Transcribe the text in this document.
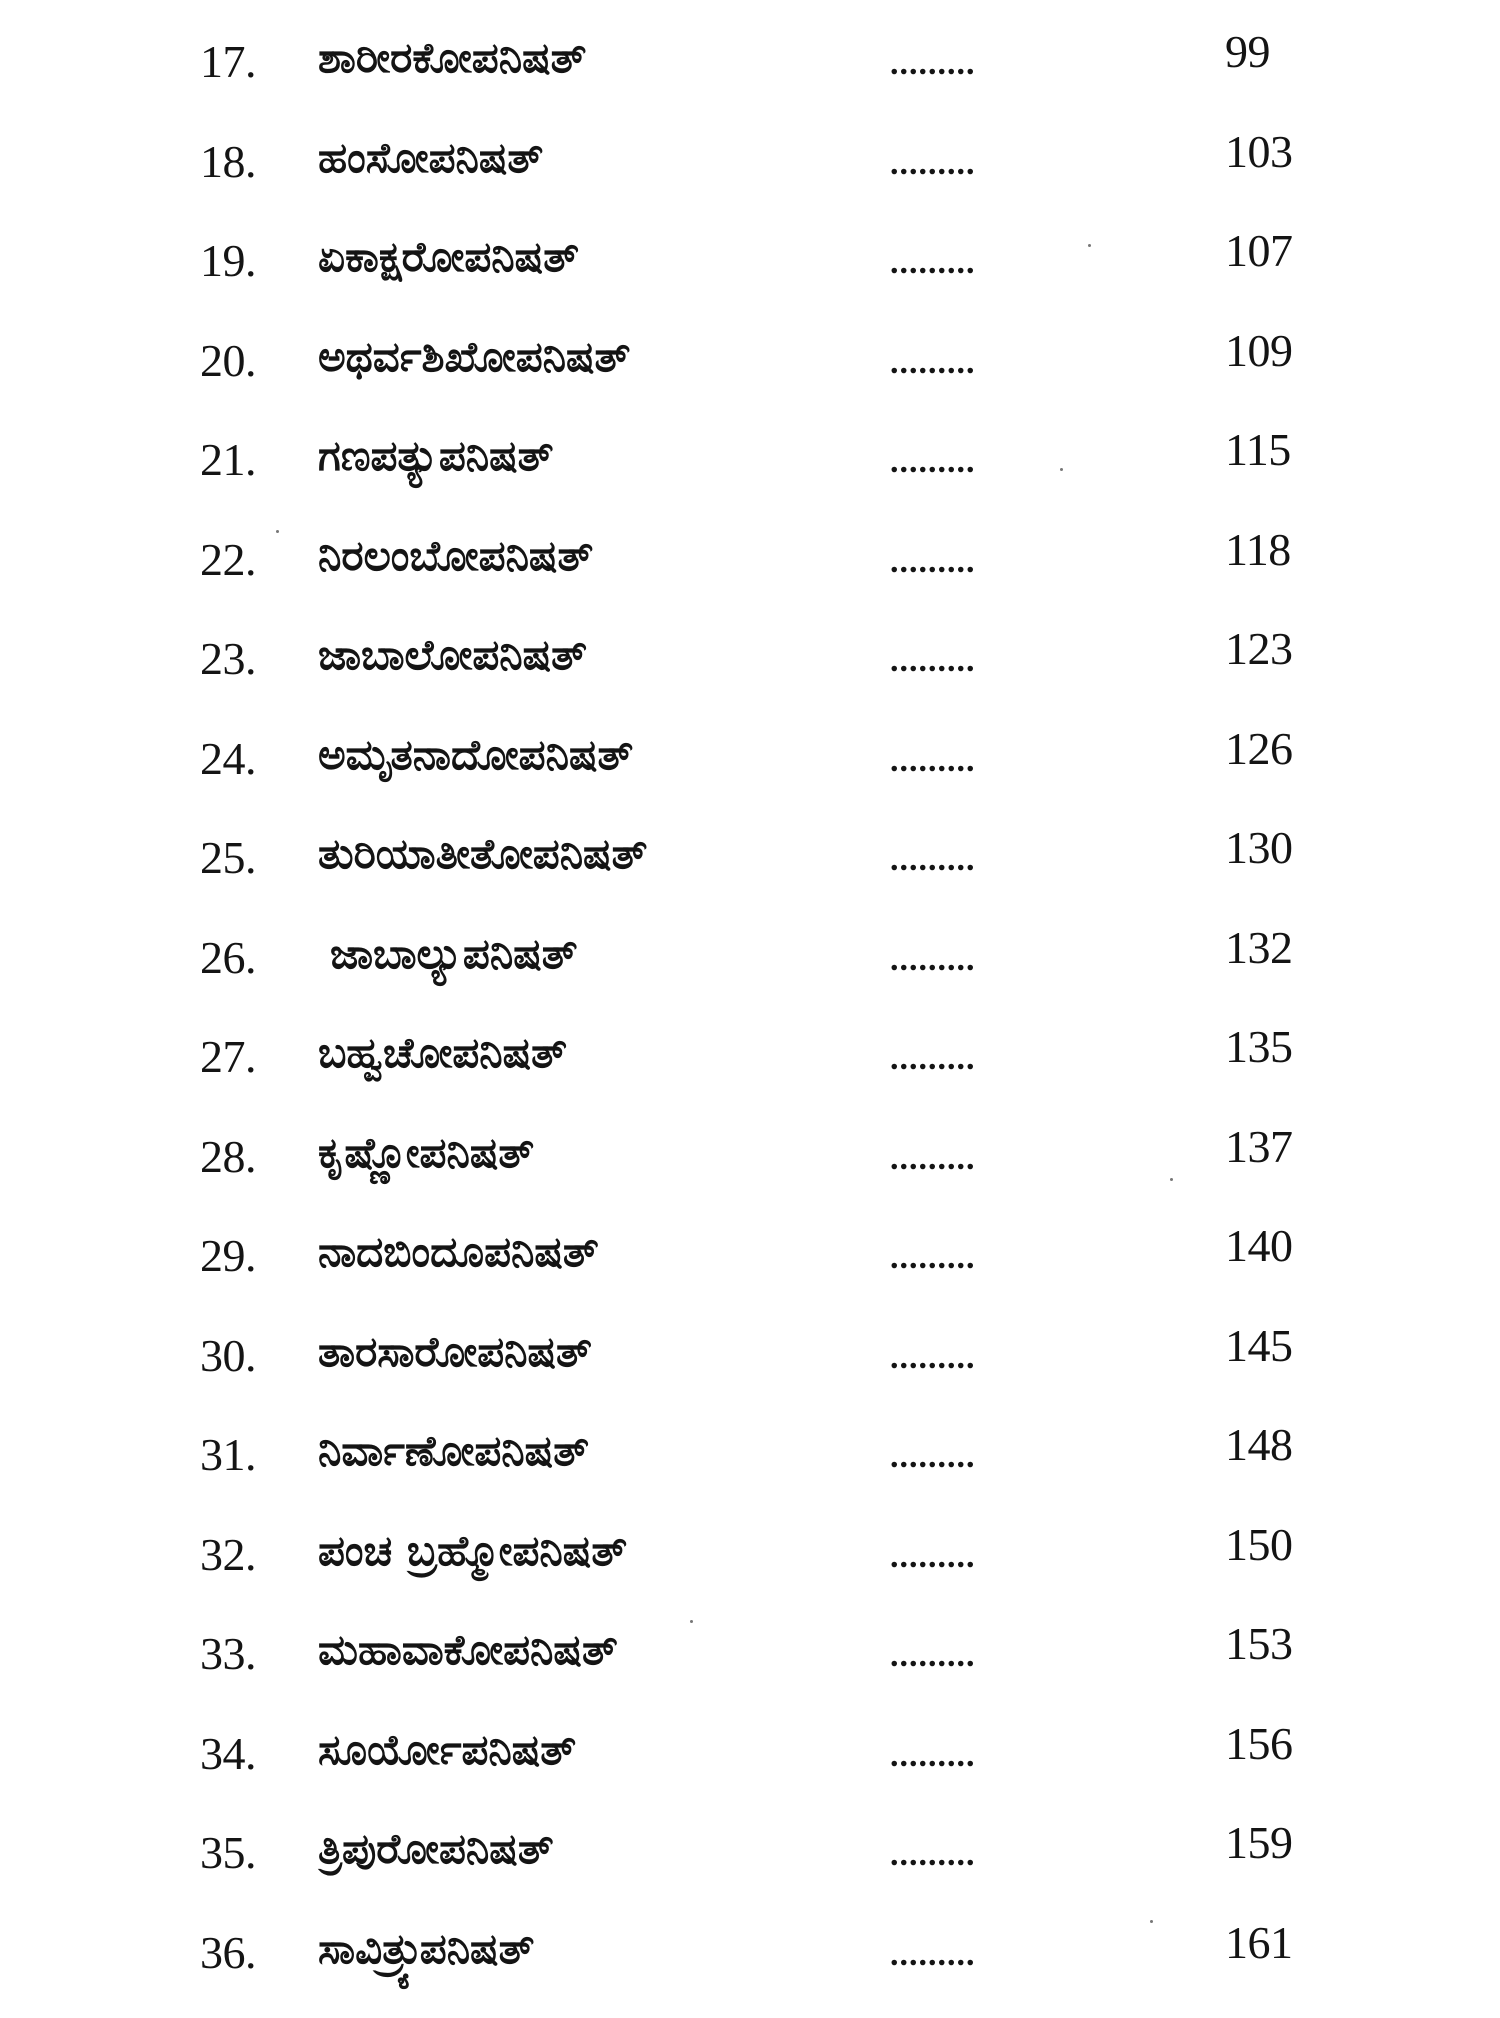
17. ಶಾರೀರಕೋಪನಿಷತ್	.........	99
18. ಹಂಸೋಪನಿಷತ್	.........	103
19. ಏಕಾಕ್ಷರೋಪನಿಷತ್	.........	107
20. ಅಥರ್ವಶಿಖೋಪನಿಷತ್	.........	109
21. ಗಣಪತ್ಯುಪನಿಷತ್	.........	115
22. ನಿರಲಂಬೋಪನಿಷತ್	.........	118
23. ಜಾಬಾಲೋಪನಿಷತ್	.........	123
24. ಅಮೃತನಾದೋಪನಿಷತ್	.........	126
25. ತುರಿಯಾತೀತೋಪನಿಷತ್	.........	130
26. ಜಾಬಾಲ್ಯುಪನಿಷತ್	.........	132
27. ಬಹ್ವಚೋಪನಿಷತ್	.........	135
28. ಕೃಷ್ಣೋಪನಿಷತ್	.........	137
29. ನಾದಬಿಂದೂಪನಿಷತ್	.........	140
30. ತಾರಸಾರೋಪನಿಷತ್	.........	145
31. ನಿರ್ವಾಣೋಪನಿಷತ್	.........	148
32. ಪಂಚ ಬ್ರಹ್ಮೋಪನಿಷತ್	.........	150
33. ಮಹಾವಾಕೋಪನಿಷತ್	.........	153
34. ಸೂರ್ಯೋಪನಿಷತ್	.........	156
35. ತ್ರಿಪುರೋಪನಿಷತ್	.........	159
36. ಸಾವಿತ್ರ್ಯುಪನಿಷತ್	.........	161
